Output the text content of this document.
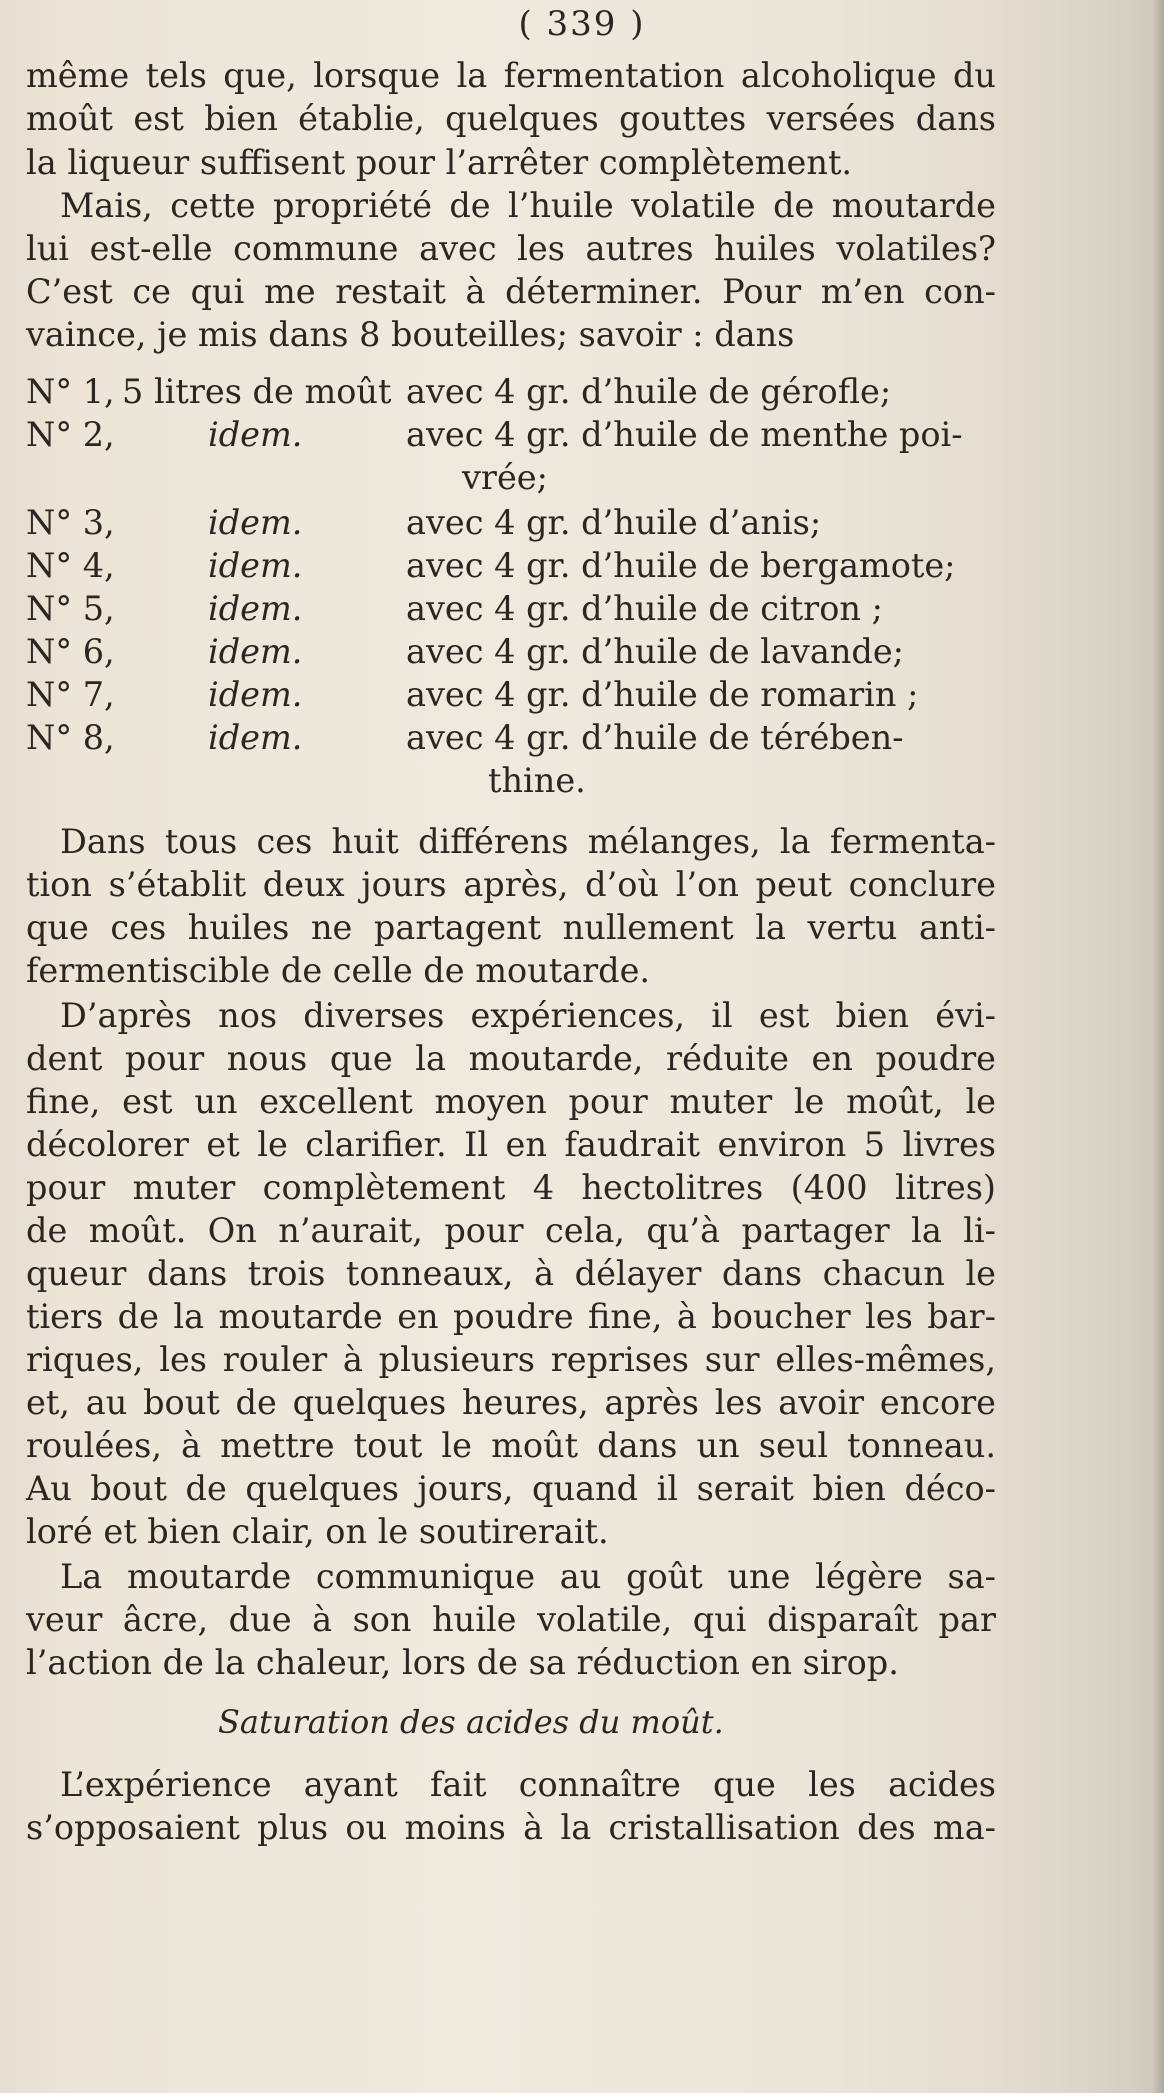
( 339 )
même tels que, lorsque la fermentation alcoholique du
moût est bien établie, quelques gouttes versées dans
la liqueur suffisent pour l’arrêter complètement.
Mais, cette propriété de l’huile volatile de moutarde
lui est-elle commune avec les autres huiles volatiles?
C’est ce qui me restait à déterminer. Pour m’en con-
vaince, je mis dans 8 bouteilles; savoir : dans
N° 1, 5 litres de moût avec 4 gr. d’huile de gérofle;
N° 2,	idem.	avec 4 gr. d’huile de menthe poi-
vrée;
N° 3,	idem.	avec 4 gr. d’huile d’anis;
N° 4,	idem.	avec 4 gr. d’huile de bergamote;
N° 5,	idem.	avec 4 gr. d’huile de citron ;
N° 6,	idem.	avec 4 gr. d’huile de lavande;
N° 7,	idem.	avec 4 gr. d’huile de romarin ;
N° 8,	idem.	avec 4 gr. d’huile de térében-
thine.
Dans tous ces huit différens mélanges, la fermenta-
tion s’établit deux jours après, d’où l’on peut conclure
que ces huiles ne partagent nullement la vertu anti-
fermentiscible de celle de moutarde.
D’après nos diverses expériences, il est bien évi-
dent pour nous que la moutarde, réduite en poudre
fine, est un excellent moyen pour muter le moût, le
décolorer et le clarifier. Il en faudrait environ 5 livres
pour muter complètement 4 hectolitres (400 litres)
de moût. On n’aurait, pour cela, qu’à partager la li-
queur dans trois tonneaux, à délayer dans chacun le
tiers de la moutarde en poudre fine, à boucher les bar-
riques, les rouler à plusieurs reprises sur elles-mêmes,
et, au bout de quelques heures, après les avoir encore
roulées, à mettre tout le moût dans un seul tonneau.
Au bout de quelques jours, quand il serait bien déco-
loré et bien clair, on le soutirerait.
La moutarde communique au goût une légère sa-
veur âcre, due à son huile volatile, qui disparaît par
l’action de la chaleur, lors de sa réduction en sirop.
Saturation des acides du moût.
L’expérience ayant fait connaître que les acides
s’opposaient plus ou moins à la cristallisation des ma-
